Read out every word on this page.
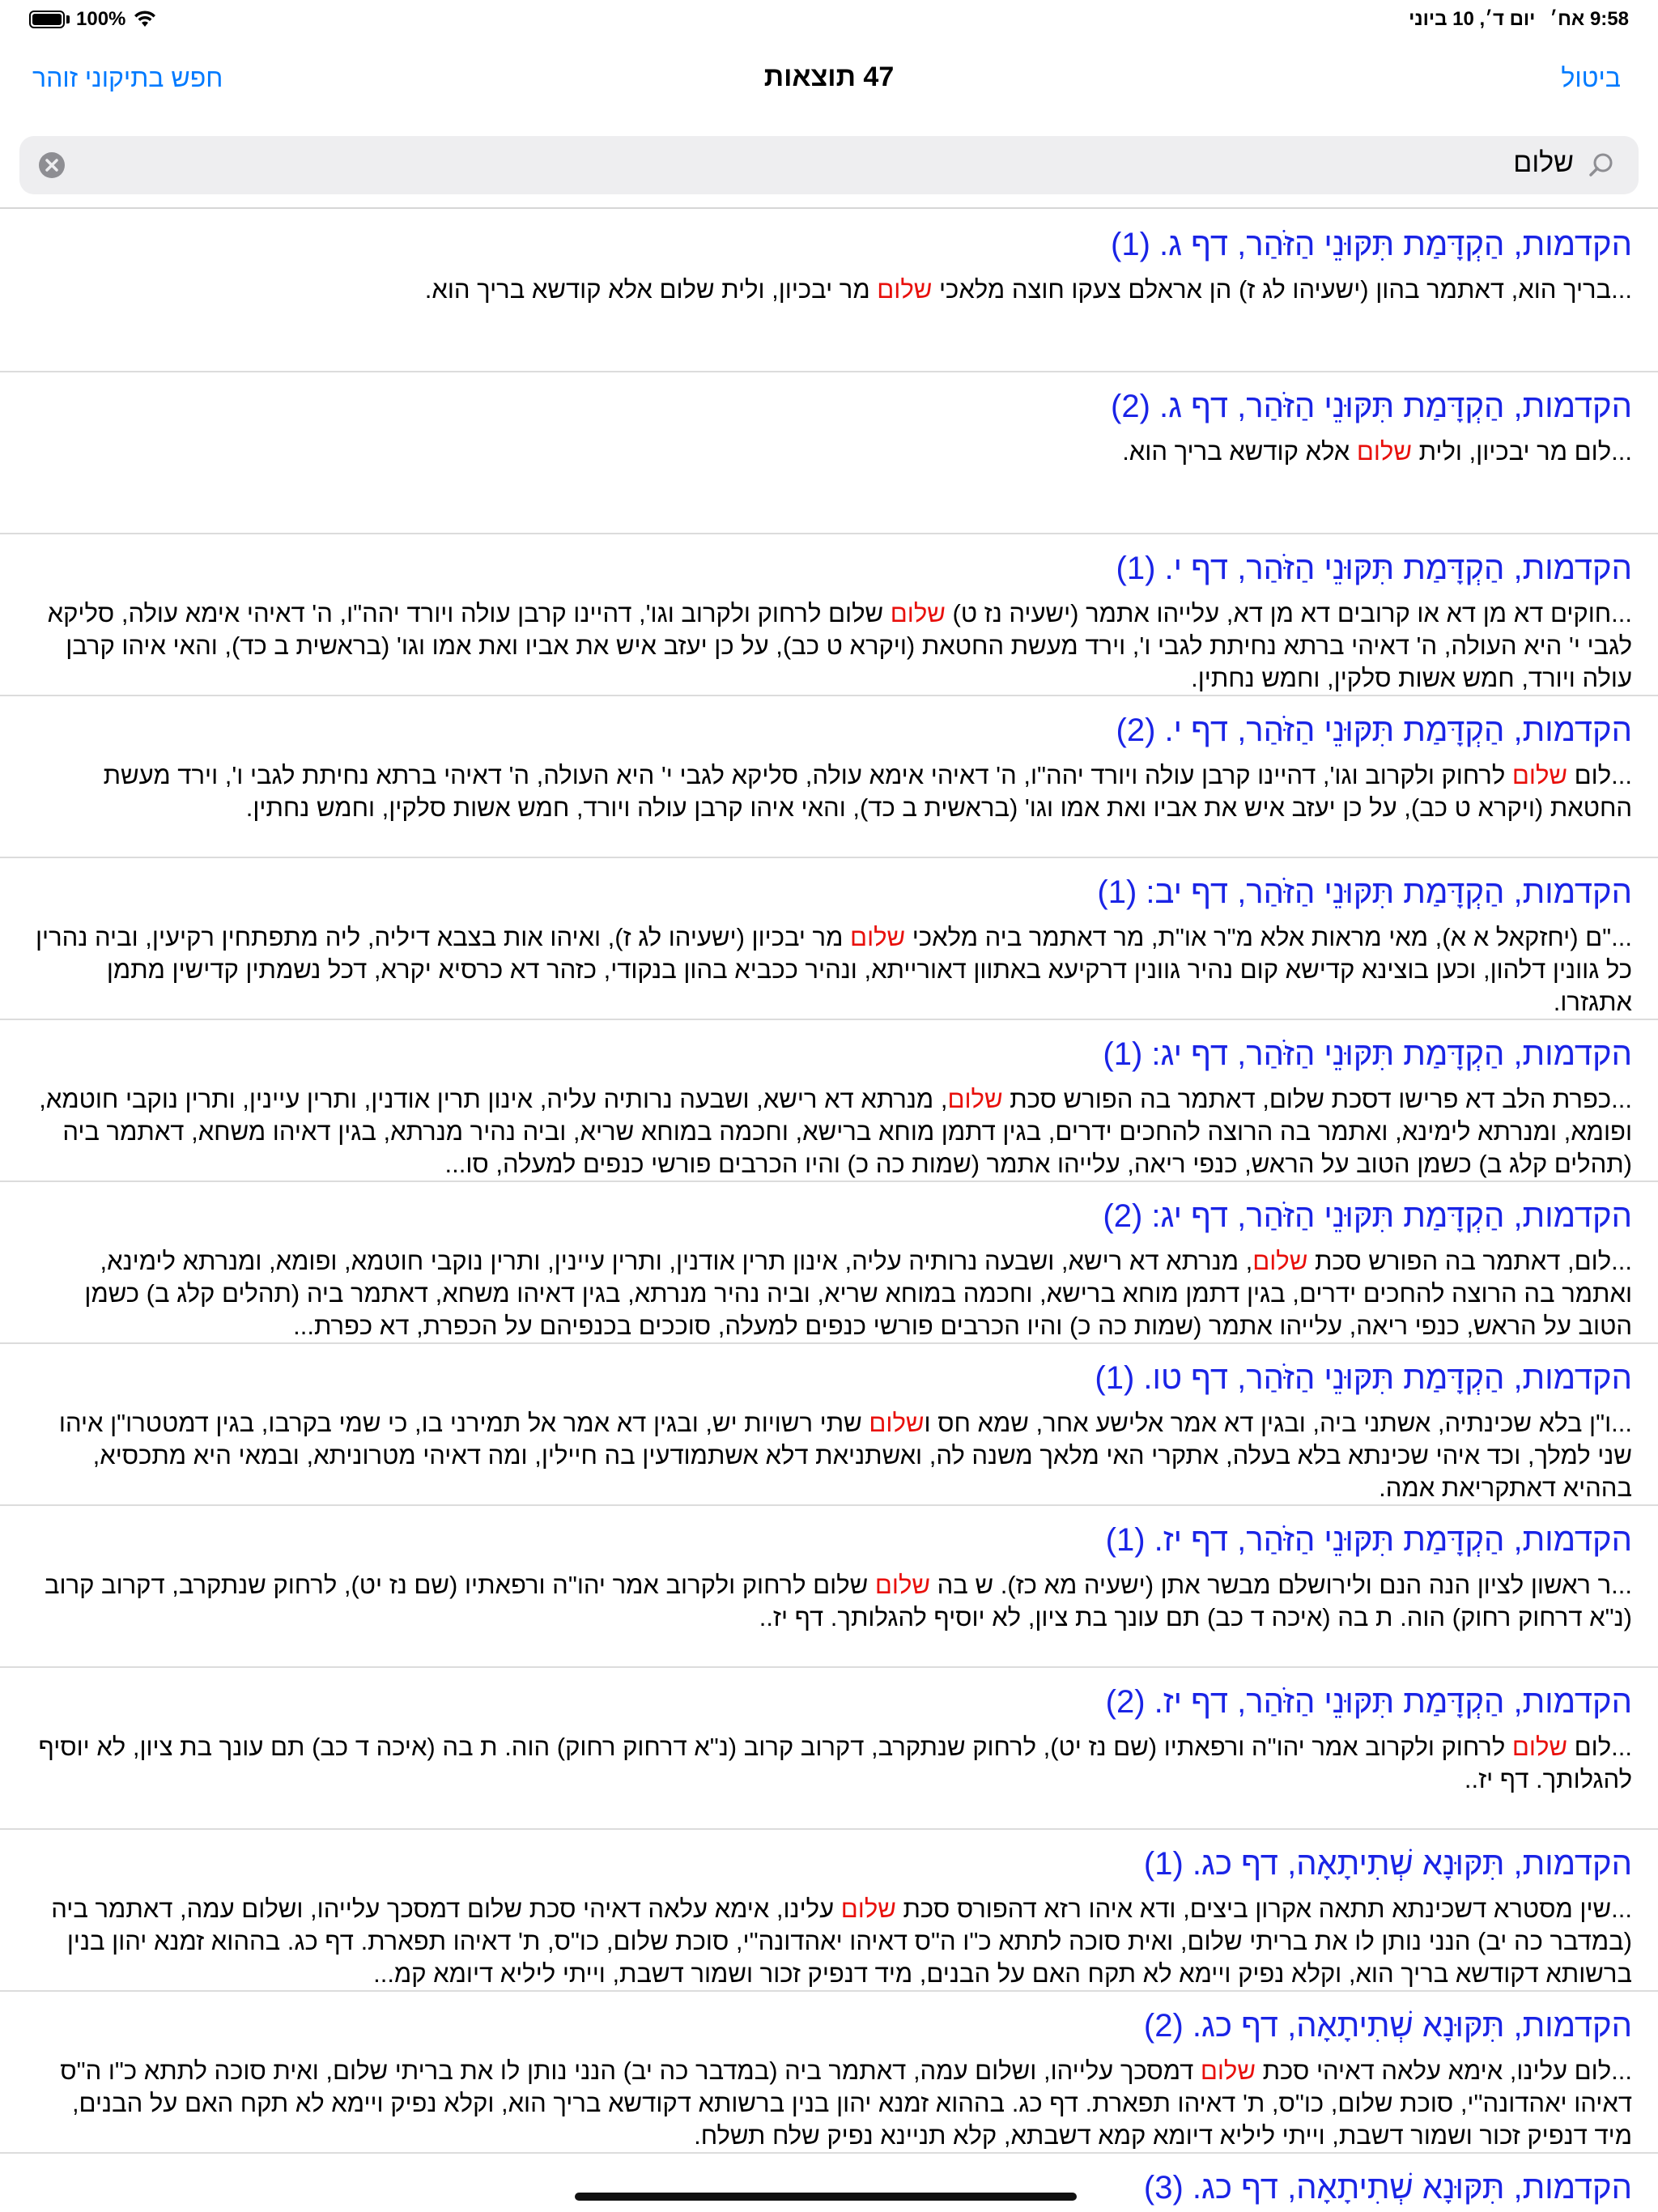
100%	9:58 אח׳
יום ד׳, 10 ביוני
חפש בתיקוני זוהר	47 תוצאות	ביטול
שלום
הקדמות, הַקְדָּמַת תִּקּוּנֵי הַזֹּהַר, דף ג. (1)
...בריך הוא, דאתמר בהון (ישעיהו לג ז) הן אראלם צעקו חוצה מלאכי שלום מר יבכיון, ולית שלום אלא קודשא בריך הוא.
הקדמות, הַקְדָּמַת תִּקּוּנֵי הַזֹּהַר, דף ג. (2)
...לום מר יבכיון, ולית שלום אלא קודשא בריך הוא.
הקדמות, הַקְדָּמַת תִּקּוּנֵי הַזֹּהַר, דף י. (1)
...חוקים דא מן דא או קרובים דא מן דא, עלייהו אתמר (ישעיה נז ט) שלום שלום לרחוק ולקרוב וגו', דהיינו קרבן עולה ויורד יהה"ו, ה' דאיהי אימא עולה, סליקא לגבי י' היא העולה, ה' דאיהי ברתא נחיתת לגבי ו', וירד מעשת החטאת (ויקרא ט כב), על כן יעזב איש את אביו ואת אמו וגו' (בראשית ב כד), והאי איהו קרבן עולה ויורד, חמש אשות סלקין, וחמש נחתין.
הקדמות, הַקְדָּמַת תִּקּוּנֵי הַזֹּהַר, דף י. (2)
...לום שלום לרחוק ולקרוב וגו', דהיינו קרבן עולה ויורד יהה"ו, ה' דאיהי אימא עולה, סליקא לגבי י' היא העולה, ה' דאיהי ברתא נחיתת לגבי ו', וירד מעשת החטאת (ויקרא ט כב), על כן יעזב איש את אביו ואת אמו וגו' (בראשית ב כד), והאי איהו קרבן עולה ויורד, חמש אשות סלקין, וחמש נחתין.
הקדמות, הַקְדָּמַת תִּקּוּנֵי הַזֹּהַר, דף יב: (1)
..."ם (יחזקאל א א), מאי מראות אלא מ"ר או"ת, מר דאתמר ביה מלאכי שלום מר יבכיון (ישעיהו לג ז), ואיהו אות בצבא דיליה, ליה מתפתחין רקיעין, וביה נהרין כל גוונין דלהון, וכען בוצינא קדישא קום נהיר גוונין דרקיעא באתוון דאורייתא, ונהיר ככביא בהון בנקודי, כזהר דא כרסיא יקרא, דכל נשמתין קדישין מתמן אתגזרו.
הקדמות, הַקְדָּמַת תִּקּוּנֵי הַזֹּהַר, דף יג: (1)
...כפרת הלב דא פרישו דסכת שלום, דאתמר בה הפורש סכת שלום, מנרתא דא רישא, ושבעה נרותיה עליה, אינון תרין אודנין, ותרין עיינין, ותרין נוקבי חוטמא, ופומא, ומנרתא לימינא, ואתמר בה הרוצה להחכים ידרים, בגין דתמן מוחא ברישא, וחכמה במוחא שריא, וביה נהיר מנרתא, בגין דאיהו משחא, דאתמר ביה (תהלים קלג ב) כשמן הטוב על הראש, כנפי ריאה, עלייהו אתמר (שמות כה כ) והיו הכרבים פורשי כנפים למעלה, סו...
הקדמות, הַקְדָּמַת תִּקּוּנֵי הַזֹּהַר, דף יג: (2)
...לום, דאתמר בה הפורש סכת שלום, מנרתא דא רישא, ושבעה נרותיה עליה, אינון תרין אודנין, ותרין עיינין, ותרין נוקבי חוטמא, ופומא, ומנרתא לימינא, ואתמר בה הרוצה להחכים ידרים, בגין דתמן מוחא ברישא, וחכמה במוחא שריא, וביה נהיר מנרתא, בגין דאיהו משחא, דאתמר ביה (תהלים קלג ב) כשמן הטוב על הראש, כנפי ריאה, עלייהו אתמר (שמות כה כ) והיו הכרבים פורשי כנפים למעלה, סוככים בכנפיהם על הכפרת, דא כפרת...
הקדמות, הַקְדָּמַת תִּקּוּנֵי הַזֹּהַר, דף טו. (1)
...ו"ן בלא שכינתיה, אשתני ביה, ובגין דא אמר אלישע אחר, שמא חס ושלום שתי רשויות יש, ובגין דא אמר אל תמירני בו, כי שמי בקרבו, בגין דמטטרו"ן איהו שני למלך, וכד איהי שכינתא בלא בעלה, אתקרי האי מלאך משנה לה, ואשתניאת דלא אשתמודעין בה חיילין, ומה דאיהי מטרוניתא, ובמאי היא מתכסיא, בההיא דאתקריאת אמה.
הקדמות, הַקְדָּמַת תִּקּוּנֵי הַזֹּהַר, דף יז. (1)
...ר ראשון לציון הנה הנם ולירושלם מבשר אתן (ישעיה מא כז). ש בה שלום שלום לרחוק ולקרוב אמר יהו"ה ורפאתיו (שם נז יט), לרחוק שנתקרב, דקרוב קרוב (נ"א דרחוק רחוק) הוה. ת בה (איכה ד כב) תם עונך בת ציון, לא יוסיף להגלותך. דף יז..
הקדמות, הַקְדָּמַת תִּקּוּנֵי הַזֹּהַר, דף יז. (2)
...לום שלום לרחוק ולקרוב אמר יהו"ה ורפאתיו (שם נז יט), לרחוק שנתקרב, דקרוב קרוב (נ"א דרחוק רחוק) הוה. ת בה (איכה ד כב) תם עונך בת ציון, לא יוסיף להגלותך. דף יז..
הקדמות, תִּקּוּנָא שְׁתִיתָאָה, דף כג. (1)
...שין מסטרא דשכינתא תתאה אקרון ביצים, ודא איהו רזא דהפורס סכת שלום עלינו, אימא עלאה דאיהי סכת שלום דמסכך עלייהו, ושלום עמה, דאתמר ביה (במדבר כה יב) הנני נותן לו את בריתי שלום, ואית סוכה לתתא כ"ו ה"ס דאיהו יאהדונה"י, סוכת שלום, כו"ס, ת' דאיהו תפארת. דף כג. בההוא זמנא יהון בנין ברשותא דקודשא בריך הוא, וקלא נפיק ויימא לא תקח האם על הבנים, מיד דנפיק זכור ושמור דשבת, וייתי ליליא דיומא קמ...
הקדמות, תִּקּוּנָא שְׁתִיתָאָה, דף כג. (2)
...לום עלינו, אימא עלאה דאיהי סכת שלום דמסכך עלייהו, ושלום עמה, דאתמר ביה (במדבר כה יב) הנני נותן לו את בריתי שלום, ואית סוכה לתתא כ"ו ה"ס דאיהו יאהדונה"י, סוכת שלום, כו"ס, ת' דאיהו תפארת. דף כג. בההוא זמנא יהון בנין ברשותא דקודשא בריך הוא, וקלא נפיק ויימא לא תקח האם על הבנים, מיד דנפיק זכור ושמור דשבת, וייתי ליליא דיומא קמא דשבתא, קלא תניינא נפיק שלח תשלח.
הקדמות, תִּקּוּנָא שְׁתִיתָאָה, דף כג. (3)
